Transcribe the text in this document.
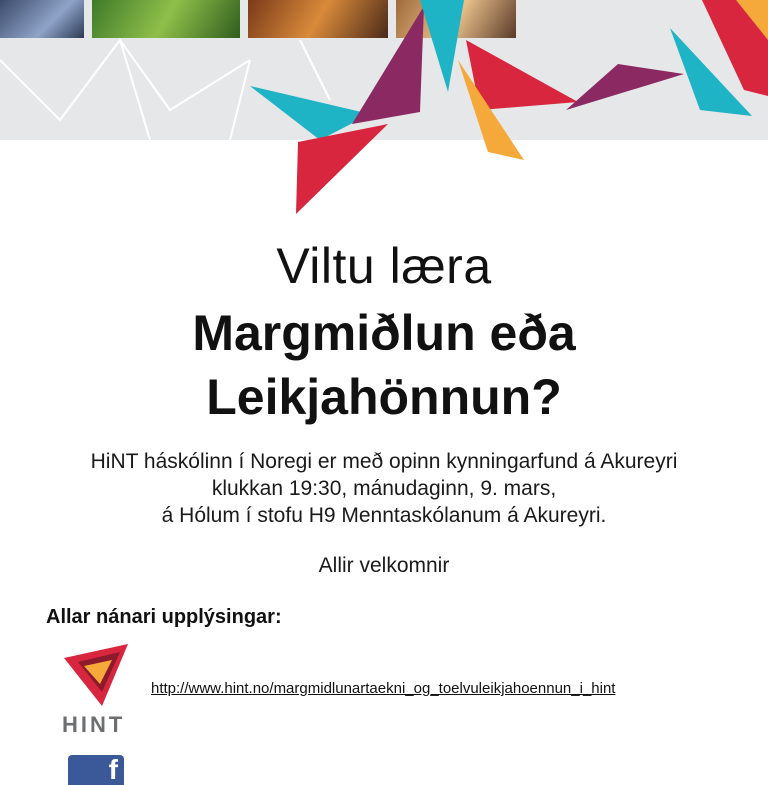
Viltu læra
Margmiðlun eða
Leikjahönnun?
HiNT háskólinn í Noregi er með opinn kynningarfund á Akureyri
klukkan 19:30, mánudaginn, 9. mars,
á Hólum í stofu H9 Menntaskólanum á Akureyri.
Allir velkomnir
Allar nánari upplýsingar:
HINT
http://www.hint.no/margmidlunartaekni_og_toelvuleikjahoennun_i_hint
f
